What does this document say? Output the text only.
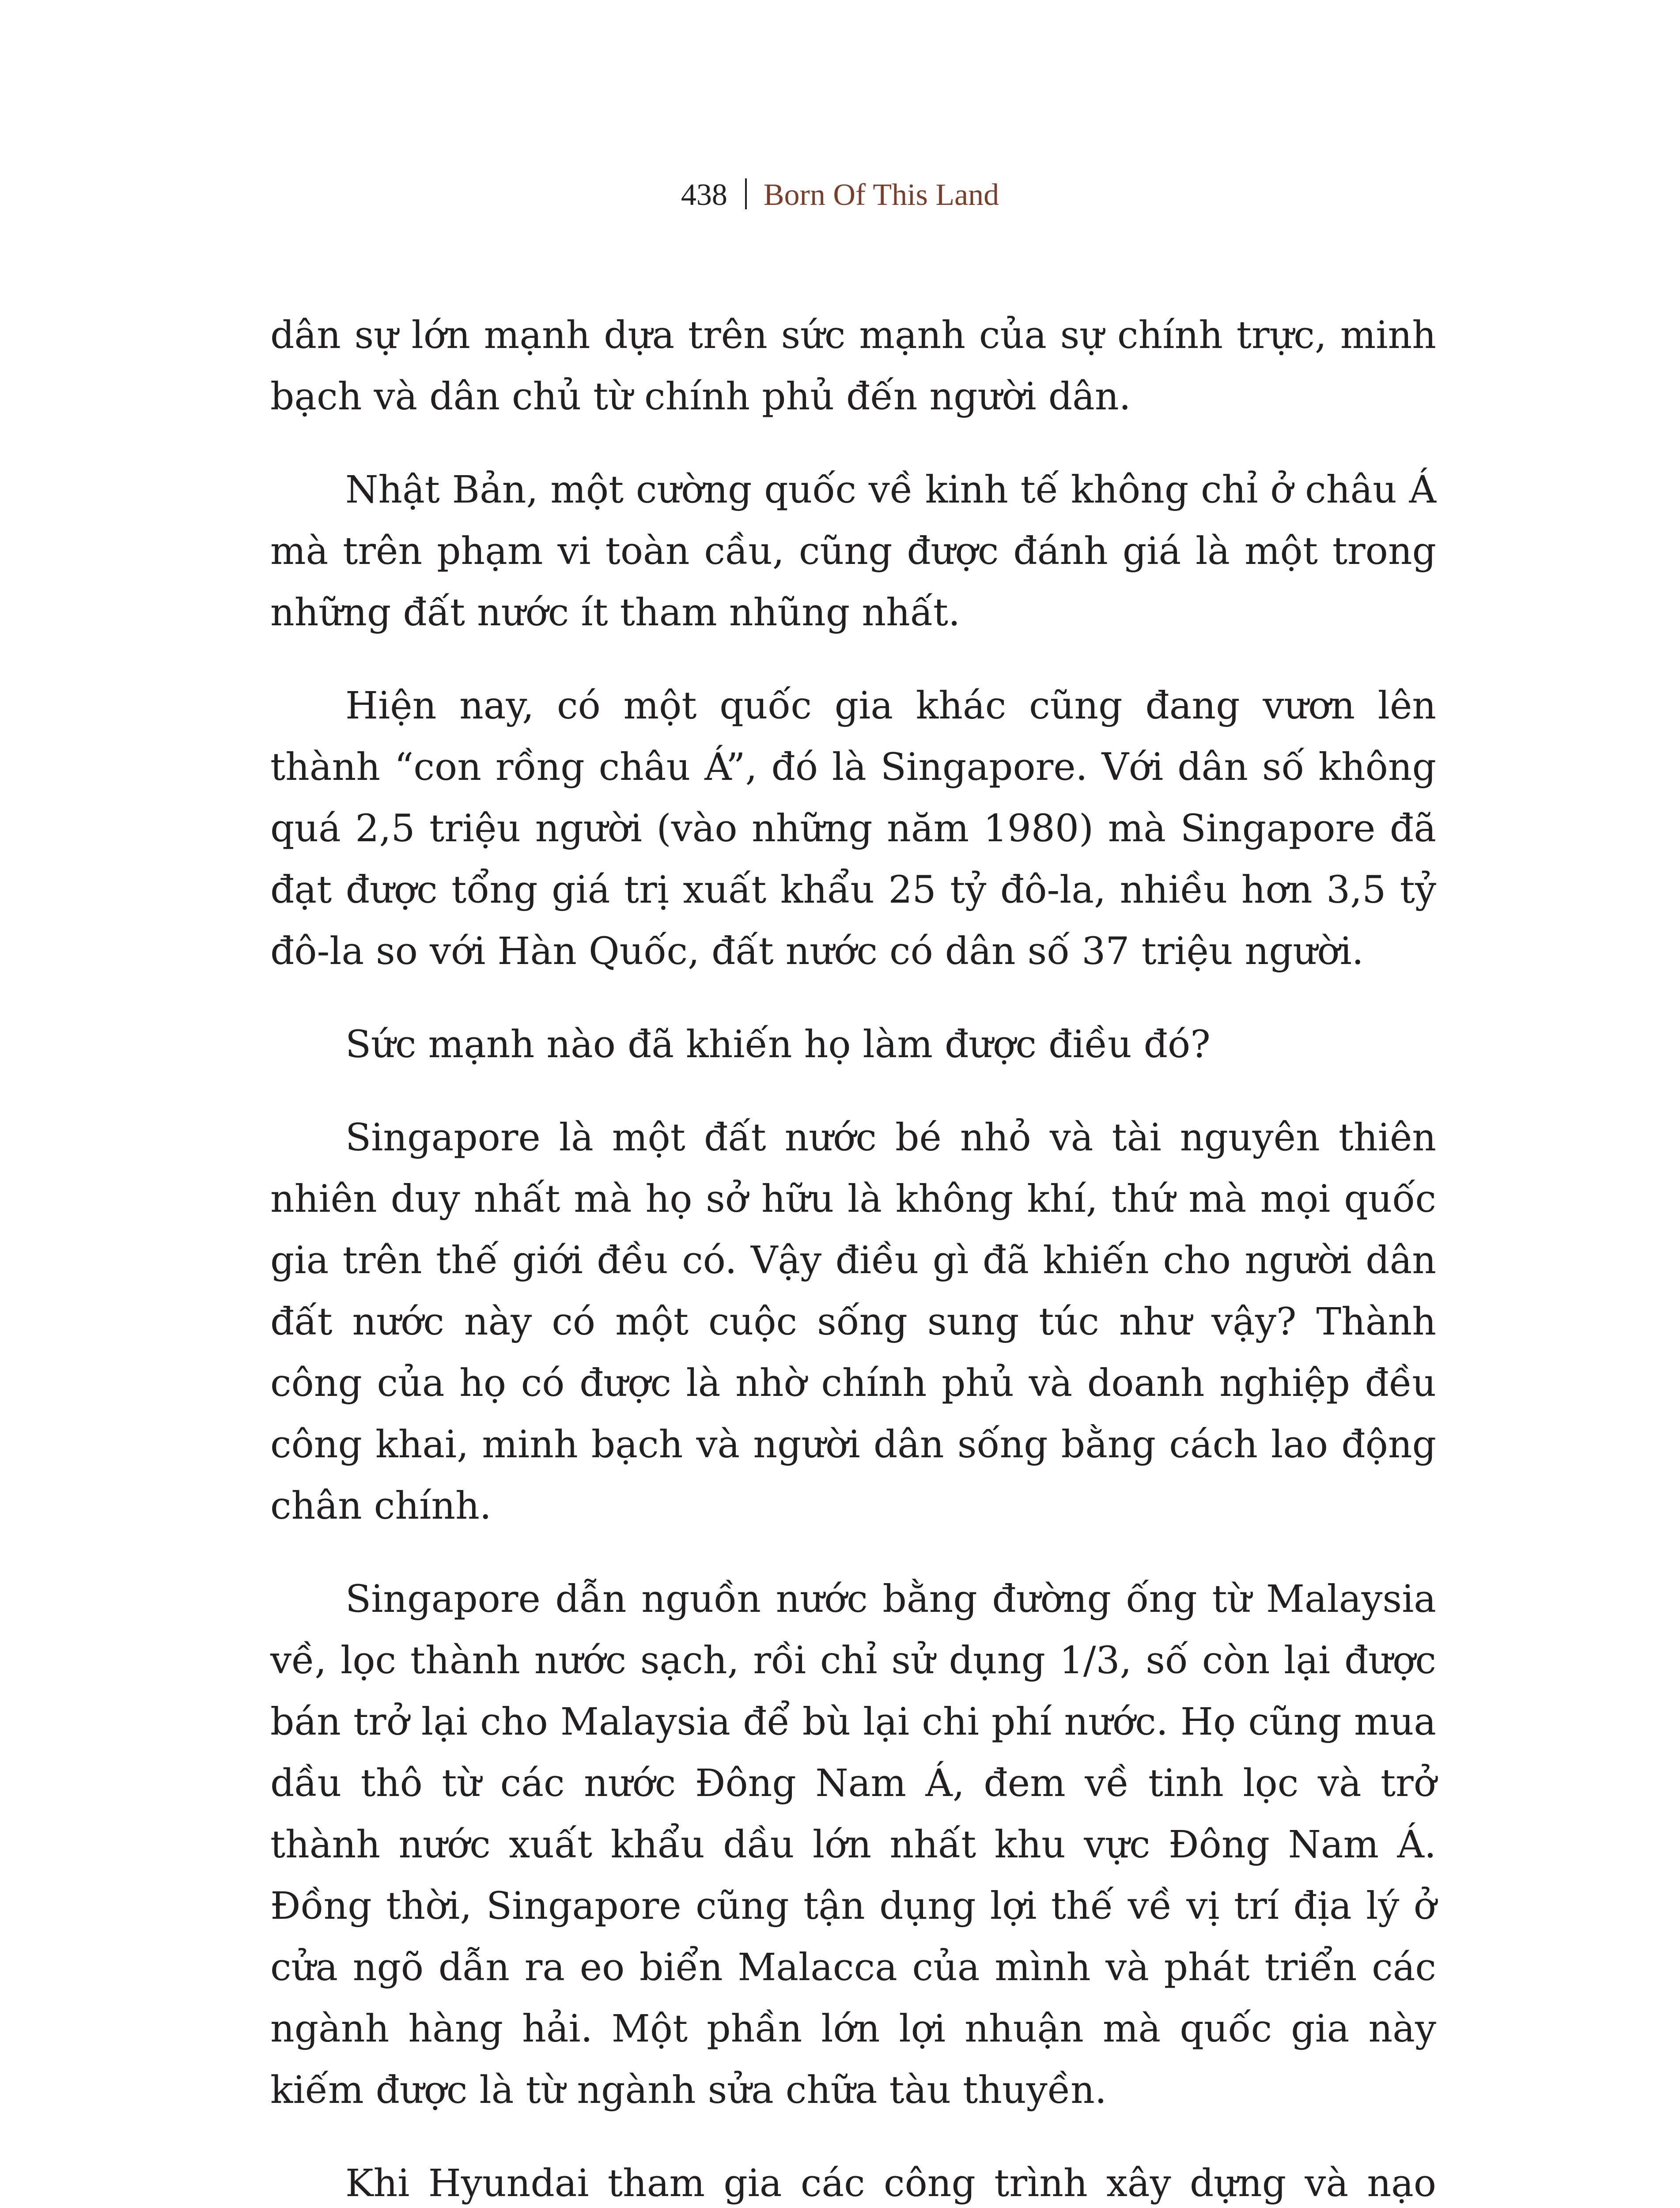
438 Born Of This Land

dân sự lớn mạnh dựa trên sức mạnh của sự chính trực, minh bạch và dân chủ từ chính phủ đến người dân.

Nhật Bản, một cường quốc về kinh tế không chỉ ở châu Á mà trên phạm vi toàn cầu, cũng được đánh giá là một trong những đất nước ít tham nhũng nhất.

Hiện nay, có một quốc gia khác cũng đang vươn lên thành “con rồng châu Á”, đó là Singapore. Với dân số không quá 2,5 triệu người (vào những năm 1980) mà Singapore đã đạt được tổng giá trị xuất khẩu 25 tỷ đô-la, nhiều hơn 3,5 tỷ đô-la so với Hàn Quốc, đất nước có dân số 37 triệu người.

Sức mạnh nào đã khiến họ làm được điều đó?

Singapore là một đất nước bé nhỏ và tài nguyên thiên nhiên duy nhất mà họ sở hữu là không khí, thứ mà mọi quốc gia trên thế giới đều có. Vậy điều gì đã khiến cho người dân đất nước này có một cuộc sống sung túc như vậy? Thành công của họ có được là nhờ chính phủ và doanh nghiệp đều công khai, minh bạch và người dân sống bằng cách lao động chân chính.

Singapore dẫn nguồn nước bằng đường ống từ Malaysia về, lọc thành nước sạch, rồi chỉ sử dụng 1/3, số còn lại được bán trở lại cho Malaysia để bù lại chi phí nước. Họ cũng mua dầu thô từ các nước Đông Nam Á, đem về tinh lọc và trở thành nước xuất khẩu dầu lớn nhất khu vực Đông Nam Á. Đồng thời, Singapore cũng tận dụng lợi thế về vị trí địa lý ở cửa ngõ dẫn ra eo biển Malacca của mình và phát triển các ngành hàng hải. Một phần lớn lợi nhuận mà quốc gia này kiếm được là từ ngành sửa chữa tàu thuyền.

Khi Hyundai tham gia các công trình xây dựng và nạo
